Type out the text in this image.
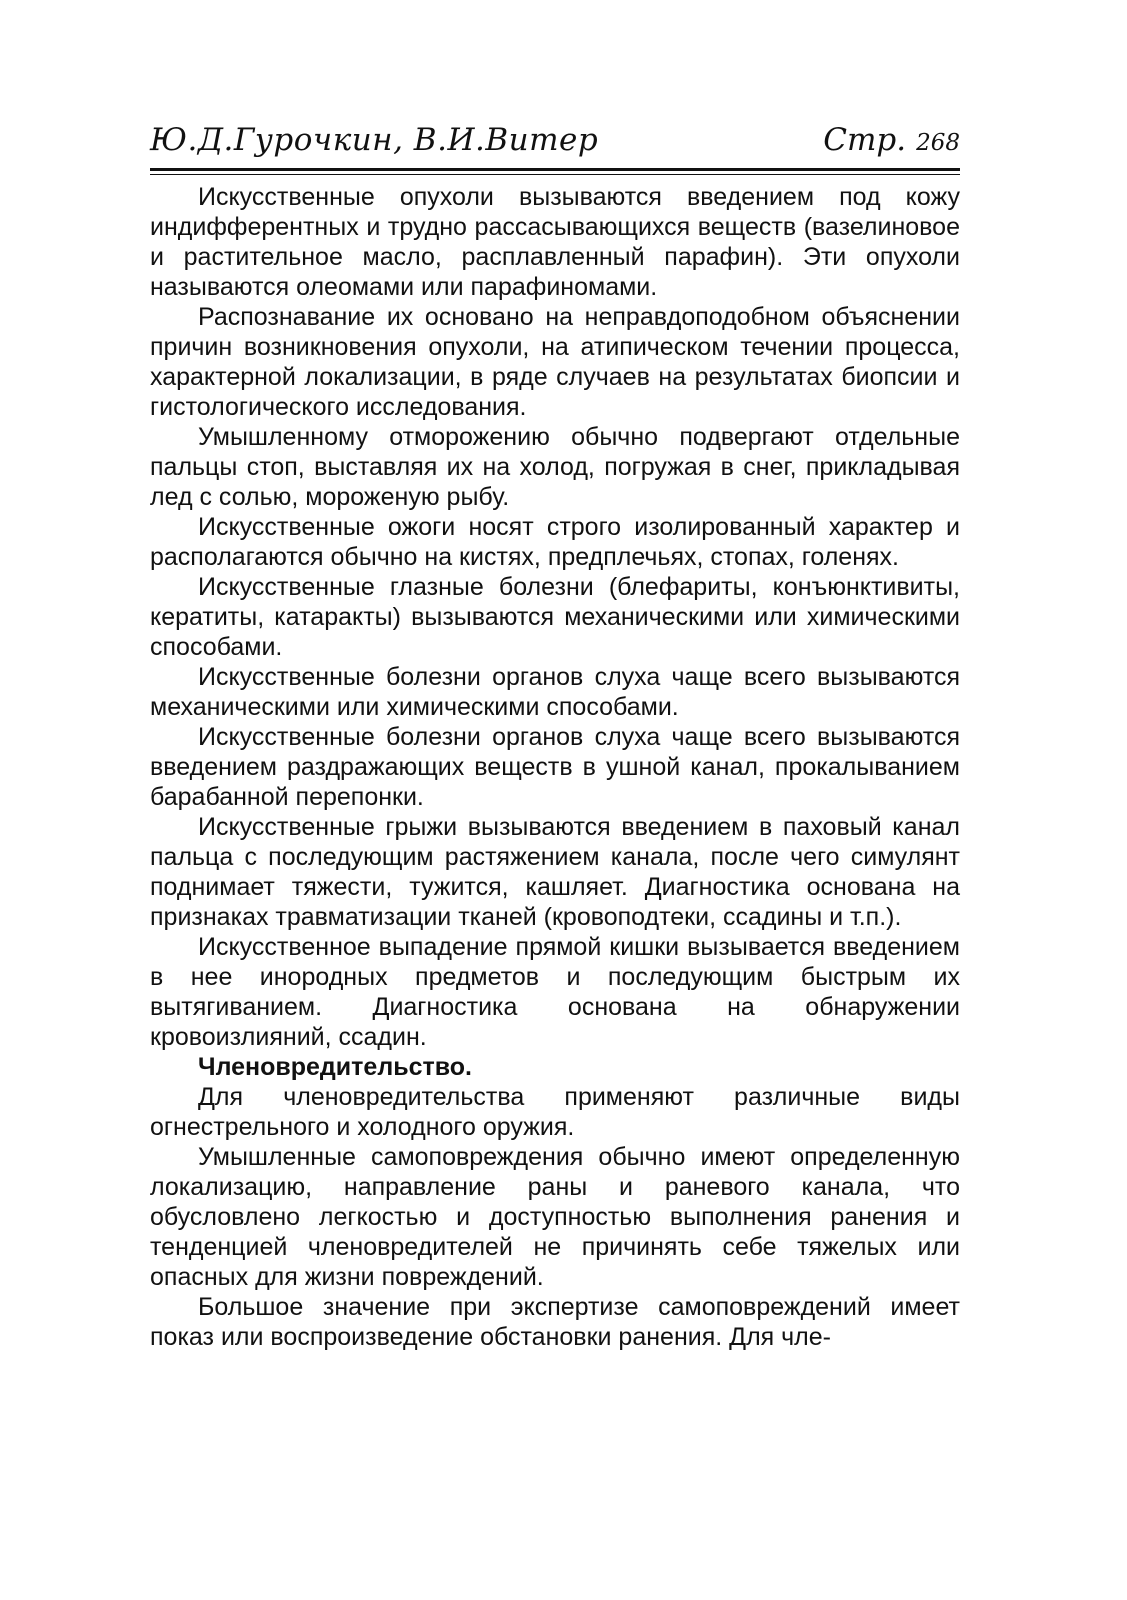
Ю.Д.Гурочкин, В.И.Витер	Стр. 268

Искусственные опухоли вызываются введением под кожу индифферентных и трудно рассасывающихся веществ (вазелиновое и растительное масло, расплавленный парафин). Эти опухоли называются олеомами или парафиномами.

Распознавание их основано на неправдоподобном объяснении причин возникновения опухоли, на атипическом течении процесса, характерной локализации, в ряде случаев на результатах биопсии и гистологического исследования.

Умышленному отморожению обычно подвергают отдельные пальцы стоп, выставляя их на холод, погружая в снег, прикладывая лед с солью, мороженую рыбу.

Искусственные ожоги носят строго изолированный характер и располагаются обычно на кистях, предплечьях, стопах, голенях.

Искусственные глазные болезни (блефариты, конъюнктивиты, кератиты, катаракты) вызываются механическими или химическими способами.

Искусственные болезни органов слуха чаще всего вызываются механическими или химическими способами.

Искусственные болезни органов слуха чаще всего вызываются введением раздражающих веществ в ушной канал, прокалыванием барабанной перепонки.

Искусственные грыжи вызываются введением в паховый канал пальца с последующим растяжением канала, после чего симулянт поднимает тяжести, тужится, кашляет. Диагностика основана на признаках травматизации тканей (кровоподтеки, ссадины и т.п.).

Искусственное выпадение прямой кишки вызывается введением в нее инородных предметов и последующим быстрым их вытягиванием. Диагностика основана на обнаружении кровоизлияний, ссадин.

Членовредительство.

Для членовредительства применяют различные виды огнестрельного и холодного оружия.

Умышленные самоповреждения обычно имеют определенную локализацию, направление раны и раневого канала, что обусловлено легкостью и доступностью выполнения ранения и тенденцией членовредителей не причинять себе тяжелых или опасных для жизни повреждений.

Большое значение при экспертизе самоповреждений имеет показ или воспроизведение обстановки ранения. Для чле-
